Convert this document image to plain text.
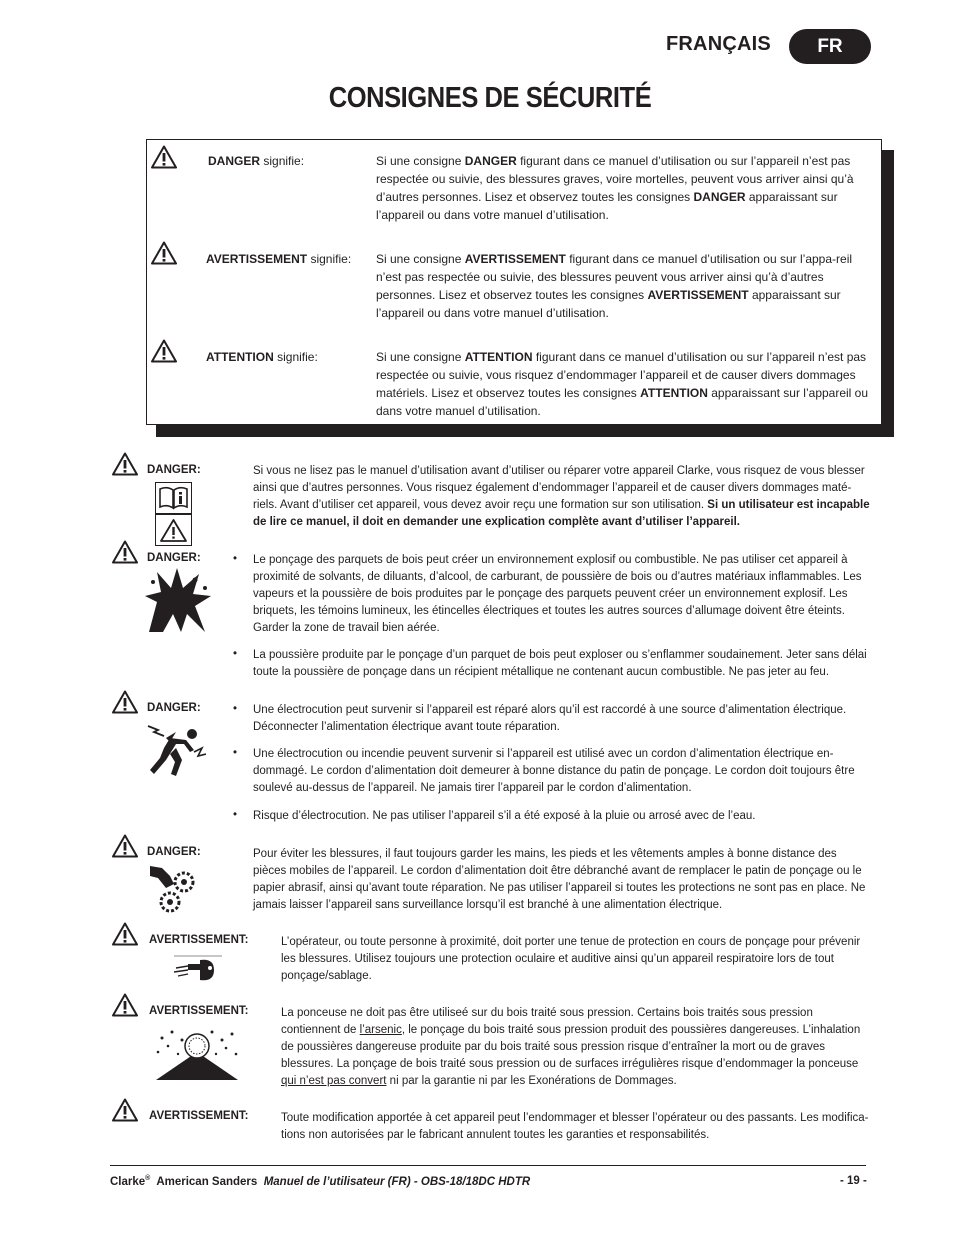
FRANÇAIS	FR
CONSIGNES DE SÉCURITÉ
DANGER signifie:	Si une consigne DANGER figurant dans ce manuel d’utilisation ou sur l’appareil n’est pas respectée ou suivie, des blessures graves, voire mortelles, peuvent vous arriver ainsi qu’à d’autres personnes. Lisez et observez toutes les consignes DANGER apparaissant sur l’appareil ou dans votre manuel d’utilisation.
AVERTISSEMENT signifie: Si une consigne AVERTISSEMENT figurant dans ce manuel d’utilisation ou sur l’appa-reil n’est pas respectée ou suivie, des blessures peuvent vous arriver ainsi qu’à d’autres personnes. Lisez et observez toutes les consignes AVERTISSEMENT apparaissant sur l’appareil ou dans votre manuel d’utilisation.
ATTENTION signifie:	Si une consigne ATTENTION figurant dans ce manuel d’utilisation ou sur l’appareil n’est pas respectée ou suivie, vous risquez d’endommager l’appareil et de causer divers dommages matériels. Lisez et observez toutes les consignes ATTENTION apparaissant sur l’appareil ou dans votre manuel d’utilisation.
DANGER:	Si vous ne lisez pas le manuel d’utilisation avant d’utiliser ou réparer votre appareil Clarke, vous risquez de vous blesser ainsi que d’autres personnes. Vous risquez également d’endommager l’appareil et de causer divers dommages maté-riels. Avant d’utiliser cet appareil, vous devez avoir reçu une formation sur son utilisation. Si un utilisateur est incapable de lire ce manuel, il doit en demander une explication complète avant d’utiliser l’appareil.
DANGER:	• Le ponçage des parquets de bois peut créer un environnement explosif ou combustible. Ne pas utiliser cet appareil à proximité de solvants, de diluants, d’alcool, de carburant, de poussière de bois ou d’autres matériaux inflammables. Les vapeurs et la poussière de bois produites par le ponçage des parquets peuvent créer un environnement explosif. Les briquets, les témoins lumineux, les étincelles électriques et toutes les autres sources d’allumage doivent être éteints. Garder la zone de travail bien aérée.
• La poussière produite par le ponçage d’un parquet de bois peut exploser ou s’enflammer soudainement. Jeter sans délai toute la poussière de ponçage dans un récipient métallique ne contenant aucun combustible. Ne pas jeter au feu.
DANGER:	• Une électrocution peut survenir si l’appareil est réparé alors qu’il est raccordé à une source d’alimentation électrique. Déconnecter l’alimentation électrique avant toute réparation.
• Une électrocution ou incendie peuvent survenir si l’appareil est utilisé avec un cordon d’alimentation électrique en-dommagé. Le cordon d’alimentation doit demeurer à bonne distance du patin de ponçage. Le cordon doit toujours être soulevé au-dessus de l’appareil. Ne jamais tirer l’appareil par le cordon d’alimentation.
• Risque d’électrocution. Ne pas utiliser l’appareil s’il a été exposé à la pluie ou arrosé avec de l’eau.
DANGER:	Pour éviter les blessures, il faut toujours garder les mains, les pieds et les vêtements amples à bonne distance des pièces mobiles de l’appareil. Le cordon d’alimentation doit être débranché avant de remplacer le patin de ponçage ou le papier abrasif, ainsi qu’avant toute réparation. Ne pas utiliser l’appareil si toutes les protections ne sont pas en place. Ne jamais laisser l’appareil sans surveillance lorsqu’il est branché à une alimentation électrique.
AVERTISSEMENT:	L’opérateur, ou toute personne à proximité, doit porter une tenue de protection en cours de ponçage pour prévenir les blessures. Utilisez toujours une protection oculaire et auditive ainsi qu’un appareil respiratoire lors de tout ponçage/sablage.
AVERTISSEMENT:	La ponceuse ne doit pas être utiliseé sur du bois traité sous pression. Certains bois traités sous pression contiennent de l’arsenic, le ponçage du bois traité sous pression produit des poussières dangereuses. L’inhalation de poussières dangereuse produite par du bois traité sous pression risque d’entraîner la mort ou de graves blessures. La ponçage de bois traité sous pression ou de surfaces irrégulières risque d’endommager la ponceuse qui n’est pas convert ni par la garantie ni par les Exonérations de Dommages.
AVERTISSEMENT:	Toute modification apportée à cet appareil peut l’endommager et blesser l’opérateur ou des passants. Les modifica-tions non autorisées par le fabricant annulent toutes les garanties et responsabilités.
Clarke® American Sanders Manuel de l’utilisateur (FR) - OBS-18/18DC HDTR	- 19 -
